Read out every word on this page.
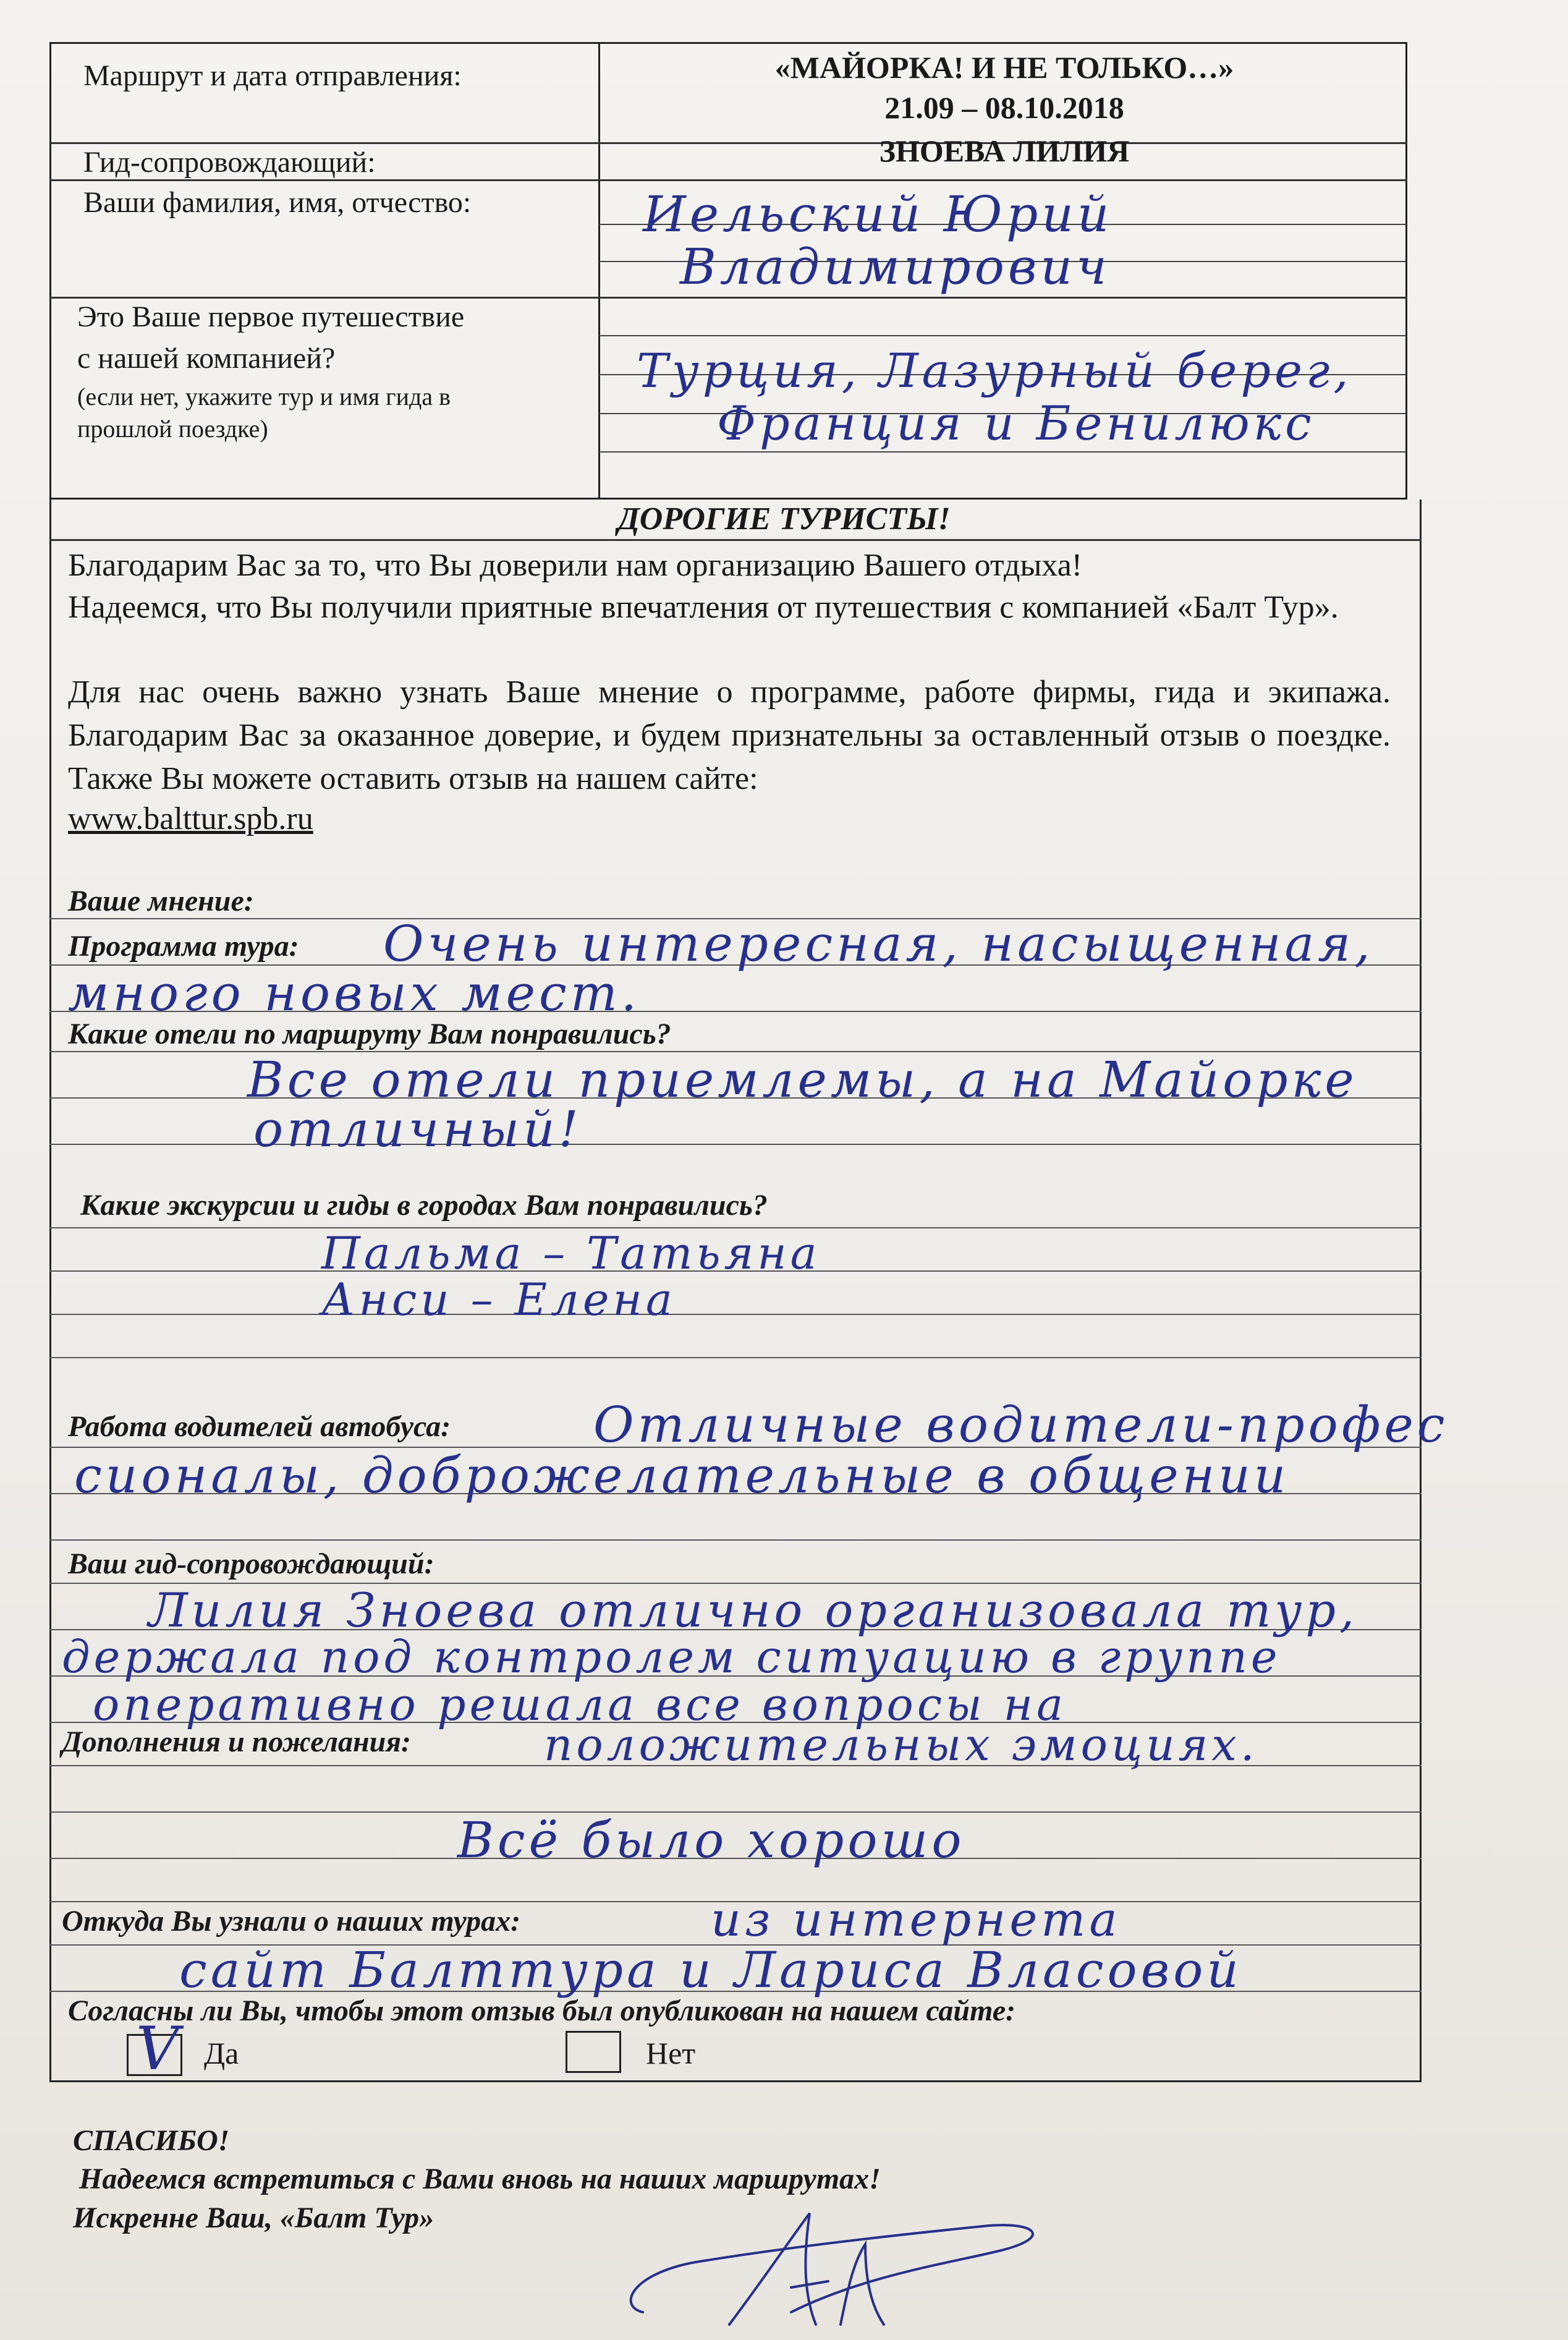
Маршрут и дата отправления:	«МАЙОРКА! И НЕ ТОЛЬКО…»
21.09 – 08.10.2018
Гид-сопровождающий:	ЗНОЕВА ЛИЛИЯ
Ваши фамилия, имя, отчество:	Иельский Юрий
Владимирович
Это Ваше первое путешествие
с нашей компанией?
(если нет, укажите тур и имя гида в
прошлой поездке)
Турция, Лазурный берег,
Франция и Бенилюкс
ДОРОГИЕ ТУРИСТЫ!
Благодарим Вас за то, что Вы доверили нам организацию Вашего отдыха!
Надеемся, что Вы получили приятные впечатления от путешествия с компанией «Балт Тур».
Для нас очень важно узнать Ваше мнение о программе, работе фирмы, гида и экипажа. Благодарим Вас за оказанное доверие, и будем признательны за оставленный отзыв о поездке. Также Вы можете оставить отзыв на нашем сайте:
www.balttur.spb.ru
Ваше мнение:
Программа тура: Очень интересная, насыщенная,
много новых мест.
Какие отели по маршруту Вам понравились?
Все отели приемлемы, а на Майорке
отличный!
Какие экскурсии и гиды в городах Вам понравились?
Пальма – Татьяна
Анси – Елена
Работа водителей автобуса:	Отличные водители-профес
сионалы, доброжелательные в общении
Ваш гид-сопровождающий:
Лилия Зноева отлично организовала тур,
держала под контролем ситуацию в группе
оперативно решала все вопросы на
Дополнения и пожелания:	положительных эмоциях.
Всё было хорошо
Откуда Вы узнали о наших турах:	из интернета
сайт Балттура и Лариса Власовой
Согласны ли Вы, чтобы этот отзыв был опубликован на нашем сайте:
V Да	Нет
СПАСИБО!
Надеемся встретиться с Вами вновь на наших маршрутах!
Искренне Ваш, «Балт Тур»
